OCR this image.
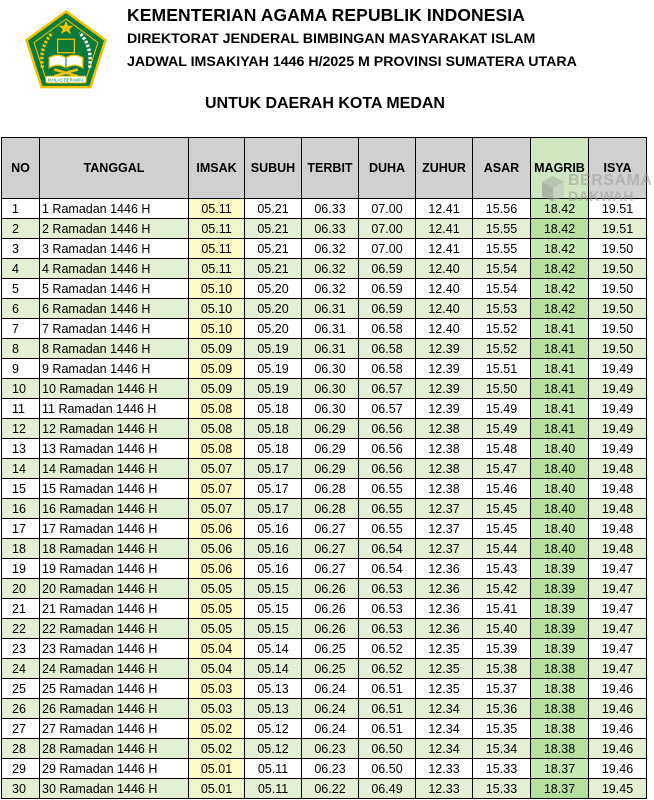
IKHLAS BERAMAL
KEMENTERIAN AGAMA REPUBLIK INDONESIA
DIREKTORAT JENDERAL BIMBINGAN MASYARAKAT ISLAM
JADWAL IMSAKIYAH 1446 H/2025 M PROVINSI SUMATERA UTARA
UNTUK DAERAH KOTA MEDAN
NO	TANGGAL	IMSAK	SUBUH	TERBIT	DUHA	ZUHUR	ASAR	MAGRIB	ISYA
1	1 Ramadan 1446 H	05.11	05.21	06.33	07.00	12.41	15.56	18.42	19.51
2	2 Ramadan 1446 H	05.11	05.21	06.33	07.00	12.41	15.55	18.42	19.51
3	3 Ramadan 1446 H	05.11	05.21	06.32	07.00	12.41	15.55	18.42	19.50
4	4 Ramadan 1446 H	05.11	05.21	06.32	06.59	12.40	15.54	18.42	19.50
5	5 Ramadan 1446 H	05.10	05.20	06.32	06.59	12.40	15.54	18.42	19.50
6	6 Ramadan 1446 H	05.10	05.20	06.31	06.59	12.40	15.53	18.42	19.50
7	7 Ramadan 1446 H	05.10	05.20	06.31	06.58	12.40	15.52	18.41	19.50
8	8 Ramadan 1446 H	05.09	05.19	06.31	06.58	12.39	15.52	18.41	19.50
9	9 Ramadan 1446 H	05.09	05.19	06.30	06.58	12.39	15.51	18.41	19.49
10	10 Ramadan 1446 H	05.09	05.19	06.30	06.57	12.39	15.50	18.41	19.49
11	11 Ramadan 1446 H	05.08	05.18	06.30	06.57	12.39	15.49	18.41	19.49
12	12 Ramadan 1446 H	05.08	05.18	06.29	06.56	12.38	15.49	18.41	19.49
13	13 Ramadan 1446 H	05.08	05.18	06.29	06.56	12.38	15.48	18.40	19.49
14	14 Ramadan 1446 H	05.07	05.17	06.29	06.56	12.38	15.47	18.40	19.48
15	15 Ramadan 1446 H	05.07	05.17	06.28	06.55	12.38	15.46	18.40	19.48
16	16 Ramadan 1446 H	05.07	05.17	06.28	06.55	12.37	15.45	18.40	19.48
17	17 Ramadan 1446 H	05.06	05.16	06.27	06.55	12.37	15.45	18.40	19.48
18	18 Ramadan 1446 H	05.06	05.16	06.27	06.54	12.37	15.44	18.40	19.48
19	19 Ramadan 1446 H	05.06	05.16	06.27	06.54	12.36	15.43	18.39	19.47
20	20 Ramadan 1446 H	05.05	05.15	06.26	06.53	12.36	15.42	18.39	19.47
21	21 Ramadan 1446 H	05.05	05.15	06.26	06.53	12.36	15.41	18.39	19.47
22	22 Ramadan 1446 H	05.05	05.15	06.26	06.53	12.36	15.40	18.39	19.47
23	23 Ramadan 1446 H	05.04	05.14	06.25	06.52	12.35	15.39	18.39	19.47
24	24 Ramadan 1446 H	05.04	05.14	06.25	06.52	12.35	15.38	18.38	19.47
25	25 Ramadan 1446 H	05.03	05.13	06.24	06.51	12.35	15.37	18.38	19.46
26	26 Ramadan 1446 H	05.03	05.13	06.24	06.51	12.34	15.36	18.38	19.46
27	27 Ramadan 1446 H	05.02	05.12	06.24	06.51	12.34	15.35	18.38	19.46
28	28 Ramadan 1446 H	05.02	05.12	06.23	06.50	12.34	15.34	18.38	19.46
29	29 Ramadan 1446 H	05.01	05.11	06.23	06.50	12.33	15.33	18.37	19.46
30	30 Ramadan 1446 H	05.01	05.11	06.22	06.49	12.33	15.33	18.37	19.45
BERSAMA
DAKWAH
